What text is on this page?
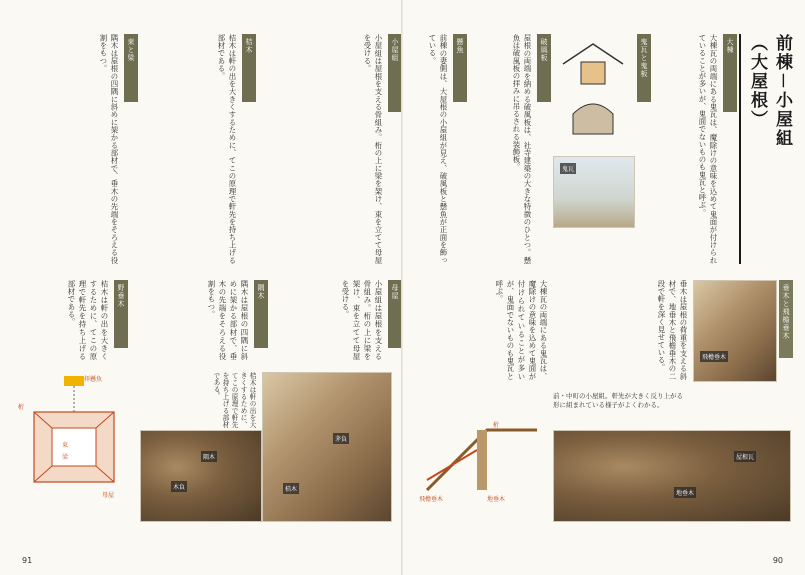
小屋組
小屋組は屋根を支える骨組み。桁の上に梁を架け、束を立てて母屋を受ける。
桔木
桔木は軒の出を大きくするために、てこの原理で軒先を持ち上げる部材である。
束と梁
隅木は屋根の四隅に斜めに架かる部材で、垂木の先端をそろえる役割をもつ。
母屋
小屋組は屋根を支える骨組み。桁の上に梁を架け、束を立てて母屋を受ける。
隅木
隅木は屋根の四隅に斜めに架かる部材で、垂木の先端をそろえる役割をもつ。
野垂木
桔木は軒の出を大きくするために、てこの原理で軒先を持ち上げる部材である。
拝懸魚
桁
束
梁
母屋
桔木は軒の出を大きくするために、てこの原理で軒先を持ち上げる部材である。
隅木
木負
茅負
桔木
91
前棟－小屋組（大屋根）
大棟
大棟瓦の両端にある鬼瓦は、魔除けの意味を込めて鬼面が付けられていることが多いが、鬼面でないものも鬼瓦と呼ぶ。
鬼瓦と鬼板
鬼瓦
破風板
屋根の両端を納める破風板は、社寺建築の大きな特徴のひとつ。懸魚は破風板の拝みに吊るされる装飾板。
懸魚
前棟の妻側は、大屋根の小屋組が見え、破風板と懸魚が正面を飾っている。
垂木と飛檐垂木
飛檐垂木
垂木は屋根の荷重を支える斜材で、地垂木と飛檐垂木の二段で軒を深く見せている。
大棟瓦の両端にある鬼瓦は、魔除けの意味を込めて鬼面が付けられていることが多いが、鬼面でないものも鬼瓦と呼ぶ。
飛檐垂木	地垂木
桁
前・中町の小屋組。軒先が大きく反り上がる形に組まれている様子がよくわかる。
屋根瓦
地垂木
90
